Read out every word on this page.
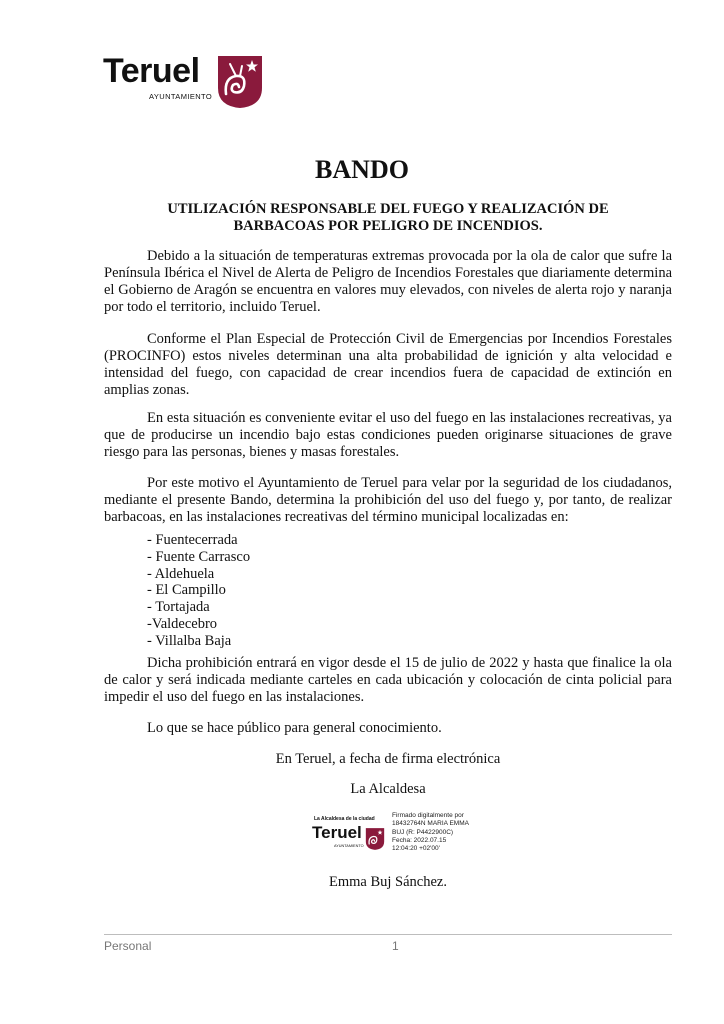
Teruel
AYUNTAMIENTO
BANDO
UTILIZACIÓN RESPONSABLE DEL FUEGO Y REALIZACIÓN DE
BARBACOAS POR PELIGRO DE INCENDIOS.

Debido a la situación de temperaturas extremas provocada por la ola de calor que sufre la Península Ibérica el Nivel de Alerta de Peligro de Incendios Forestales que diariamente determina el Gobierno de Aragón se encuentra en valores muy elevados, con niveles de alerta rojo y naranja por todo el territorio, incluido Teruel.

Conforme el Plan Especial de Protección Civil de Emergencias por Incendios Forestales (PROCINFO) estos niveles determinan una alta probabilidad de ignición y alta velocidad e intensidad del fuego, con capacidad de crear incendios fuera de capacidad de extinción en amplias zonas.

En esta situación es conveniente evitar el uso del fuego en las instalaciones recreativas, ya que de producirse un incendio bajo estas condiciones pueden originarse situaciones de grave riesgo para las personas, bienes y masas forestales.

Por este motivo el Ayuntamiento de Teruel para velar por la seguridad de los ciudadanos, mediante el presente Bando, determina la prohibición del uso del fuego y, por tanto, de realizar barbacoas, en las instalaciones recreativas del término municipal localizadas en:

- Fuentecerrada
- Fuente Carrasco
- Aldehuela
- El Campillo
- Tortajada
-Valdecebro
- Villalba Baja

Dicha prohibición entrará en vigor desde el 15 de julio de 2022 y hasta que finalice la ola de calor y será indicada mediante carteles en cada ubicación y colocación de cinta policial para impedir el uso del fuego en las instalaciones.

Lo que se hace público para general conocimiento.

En Teruel, a fecha de firma electrónica

La Alcaldesa

La Alcaldesa de la ciudad
Teruel
AYUNTAMIENTO
Firmado digitalmente por
18432764N MARIA EMMA
BUJ (R: P4422900C)
Fecha: 2022.07.15
12:04:20 +02'00'

Emma Buj Sánchez.

Personal	1
